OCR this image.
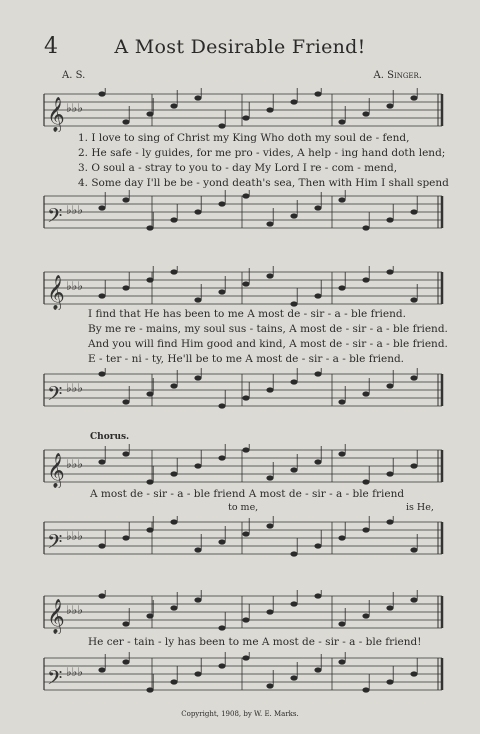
4	A Most Desirable Friend!
A. S.	A. Singer.
𝄞 ♭♭♭
1. I love to sing of Christ my King Who doth my soul de - fend,
2. He safe - ly guides, for me pro - vides, A help - ing hand doth lend;
3. O soul a - stray to you to - day My Lord I re - com - mend,
4. Some day I'll be be - yond death's sea, Then with Him I shall spend
𝄢 ♭♭♭
𝄞 ♭♭♭
I find that He has been to me A most de - sir - a - ble friend.
By me re - mains, my soul sus - tains, A most de - sir - a - ble friend.
And you will find Him good and kind, A most de - sir - a - ble friend.
E - ter - ni - ty, He'll be to me A most de - sir - a - ble friend.
𝄢 ♭♭♭
Chorus.
𝄞 ♭♭♭
A most de - sir - a - ble friend A most de - sir - a - ble friend
to me,	is He,
𝄢 ♭♭♭
𝄞 ♭♭♭
He cer - tain - ly has been to me A most de - sir - a - ble friend!
𝄢 ♭♭♭
Copyright, 1908, by W. E. Marks.
